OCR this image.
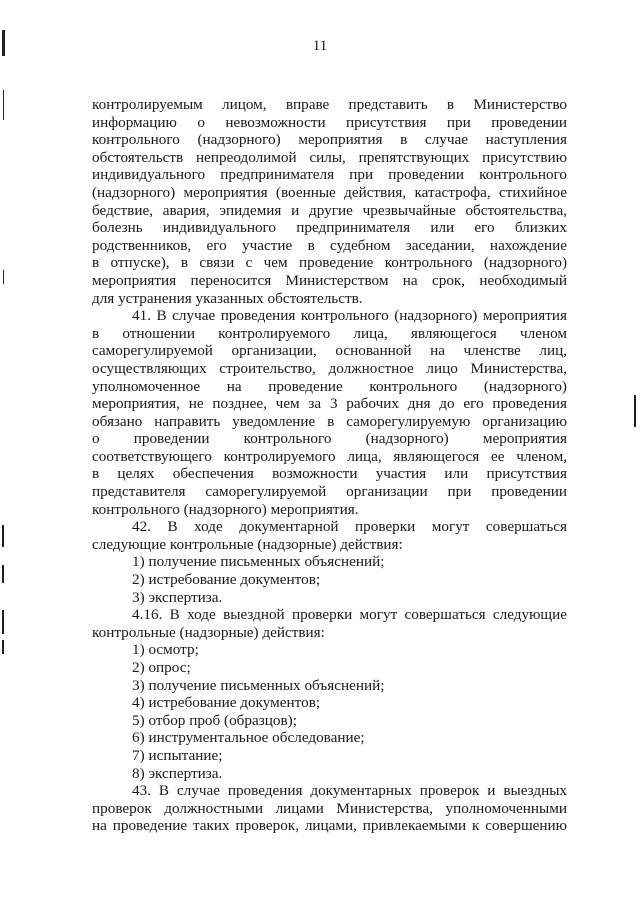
11
контролируемым лицом, вправе представить в Министерство
информацию о невозможности присутствия при проведении
контрольного (надзорного) мероприятия в случае наступления
обстоятельств непреодолимой силы, препятствующих присутствию
индивидуального предпринимателя при проведении контрольного
(надзорного) мероприятия (военные действия, катастрофа, стихийное
бедствие, авария, эпидемия и другие чрезвычайные обстоятельства,
болезнь индивидуального предпринимателя или его близких
родственников, его участие в судебном заседании, нахождение
в отпуске), в связи с чем проведение контрольного (надзорного)
мероприятия переносится Министерством на срок, необходимый
для устранения указанных обстоятельств.
41. В случае проведения контрольного (надзорного) мероприятия
в отношении контролируемого лица, являющегося членом
саморегулируемой организации, основанной на членстве лиц,
осуществляющих строительство, должностное лицо Министерства,
уполномоченное на проведение контрольного (надзорного)
мероприятия, не позднее, чем за 3 рабочих дня до его проведения
обязано направить уведомление в саморегулируемую организацию
о проведении контрольного (надзорного) мероприятия
соответствующего контролируемого лица, являющегося ее членом,
в целях обеспечения возможности участия или присутствия
представителя саморегулируемой организации при проведении
контрольного (надзорного) мероприятия.
42. В ходе документарной проверки могут совершаться
следующие контрольные (надзорные) действия:
1) получение письменных объяснений;
2) истребование документов;
3) экспертиза.
4.16. В ходе выездной проверки могут совершаться следующие
контрольные (надзорные) действия:
1) осмотр;
2) опрос;
3) получение письменных объяснений;
4) истребование документов;
5) отбор проб (образцов);
6) инструментальное обследование;
7) испытание;
8) экспертиза.
43. В случае проведения документарных проверок и выездных
проверок должностными лицами Министерства, уполномоченными
на проведение таких проверок, лицами, привлекаемыми к совершению
